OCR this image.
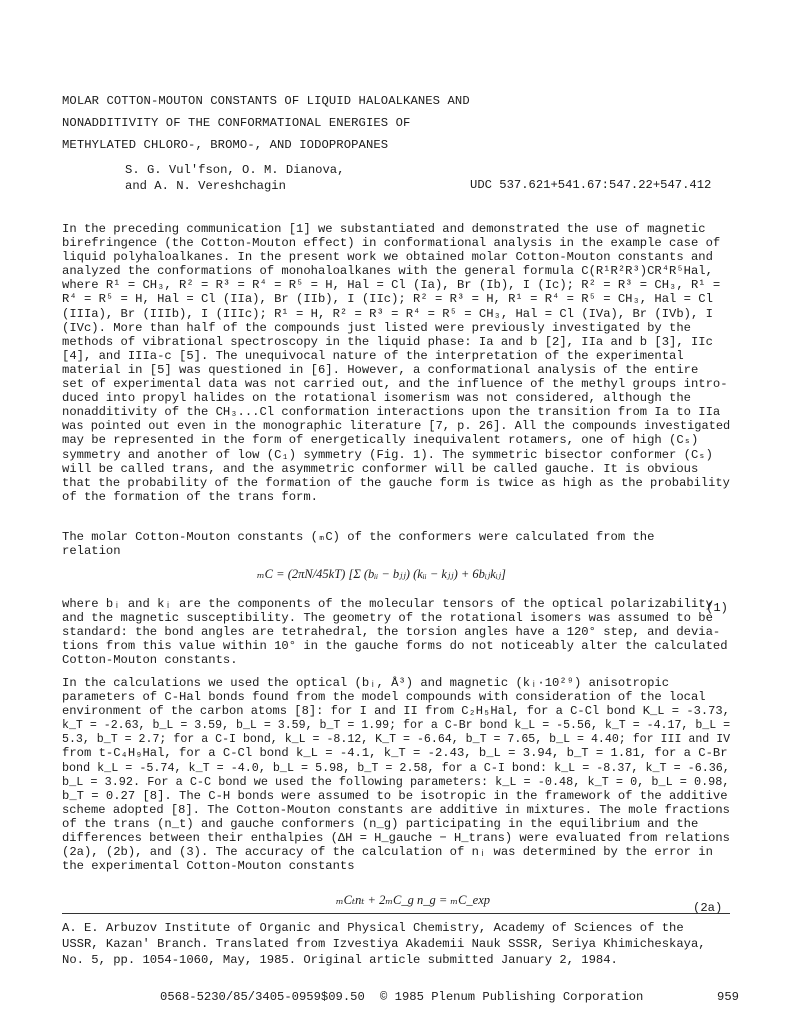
MOLAR COTTON-MOUTON CONSTANTS OF LIQUID HALOALKANES AND
NONADDITIVITY OF THE CONFORMATIONAL ENERGIES OF
METHYLATED CHLORO-, BROMO-, AND IODOPROPANES
S. G. Vul'fson, O. M. Dianova,
and A. N. Vereshchagin	UDC 537.621+541.67:547.22+547.412
In the preceding communication [1] we substantiated and demonstrated the use of magnetic
birefringence (the Cotton-Mouton effect) in conformational analysis in the example case of
liquid polyhaloalkanes. In the present work we obtained molar Cotton-Mouton constants and
analyzed the conformations of monohaloalkanes with the general formula C(R¹R²R³)CR⁴R⁵Hal,
where R¹ = CH₃, R² = R³ = R⁴ = R⁵ = H, Hal = Cl (Ia), Br (Ib), I (Ic); R² = R³ = CH₃, R¹ =
R⁴ = R⁵ = H, Hal = Cl (IIa), Br (IIb), I (IIc); R² = R³ = H, R¹ = R⁴ = R⁵ = CH₃, Hal = Cl
(IIIa), Br (IIIb), I (IIIc); R¹ = H, R² = R³ = R⁴ = R⁵ = CH₃, Hal = Cl (IVa), Br (IVb), I
(IVc). More than half of the compounds just listed were previously investigated by the
methods of vibrational spectroscopy in the liquid phase: Ia and b [2], IIa and b [3], IIc
[4], and IIIa-c [5]. The unequivocal nature of the interpretation of the experimental
material in [5] was questioned in [6]. However, a conformational analysis of the entire
set of experimental data was not carried out, and the influence of the methyl groups intro-
duced into propyl halides on the rotational isomerism was not considered, although the
nonadditivity of the CH₃...Cl conformation interactions upon the transition from Ia to IIa
was pointed out even in the monographic literature [7, p. 26]. All the compounds investigated
may be represented in the form of energetically inequivalent rotamers, one of high (Cₛ)
symmetry and another of low (C₁) symmetry (Fig. 1). The symmetric bisector conformer (Cₛ)
will be called trans, and the asymmetric conformer will be called gauche. It is obvious
that the probability of the formation of the gauche form is twice as high as the probability
of the formation of the trans form.
The molar Cotton-Mouton constants (ₘC) of the conformers were calculated from the
relation
ₘC = (2πN/45kT) [Σ (bᵢᵢ − bⱼⱼ) (kᵢᵢ − kⱼⱼ) + 6bᵢⱼkᵢⱼ]
(1)
where bᵢ and kᵢ are the components of the molecular tensors of the optical polarizability
and the magnetic susceptibility. The geometry of the rotational isomers was assumed to be
standard: the bond angles are tetrahedral, the torsion angles have a 120° step, and devia-
tions from this value within 10° in the gauche forms do not noticeably alter the calculated
Cotton-Mouton constants.
In the calculations we used the optical (bᵢ, Å³) and magnetic (kᵢ·10²⁹) anisotropic
parameters of C-Hal bonds found from the model compounds with consideration of the local
environment of the carbon atoms [8]: for I and II from C₂H₅Hal, for a C-Cl bond K_L = -3.73,
k_T = -2.63, b_L = 3.59, b_L = 3.59, b_T = 1.99; for a C-Br bond k_L = -5.56, k_T = -4.17, b_L =
5.3, b_T = 2.7; for a C-I bond, k_L = -8.12, K_T = -6.64, b_T = 7.65, b_L = 4.40; for III and IV
from t-C₄H₉Hal, for a C-Cl bond k_L = -4.1, k_T = -2.43, b_L = 3.94, b_T = 1.81, for a C-Br
bond k_L = -5.74, k_T = -4.0, b_L = 5.98, b_T = 2.58, for a C-I bond: k_L = -8.37, k_T = -6.36,
b_L = 3.92. For a C-C bond we used the following parameters: k_L = -0.48, k_T = 0, b_L = 0.98,
b_T = 0.27 [8]. The C-H bonds were assumed to be isotropic in the framework of the additive
scheme adopted [8]. The Cotton-Mouton constants are additive in mixtures. The mole fractions
of the trans (n_t) and gauche conformers (n_g) participating in the equilibrium and the
differences between their enthalpies (ΔH = H_gauche − H_trans) were evaluated from relations
(2a), (2b), and (3). The accuracy of the calculation of nᵢ was determined by the error in
the experimental Cotton-Mouton constants
ₘCₜnₜ + 2ₘC_g n_g = ₘC_exp
(2a)
A. E. Arbuzov Institute of Organic and Physical Chemistry, Academy of Sciences of the
USSR, Kazan' Branch. Translated from Izvestiya Akademii Nauk SSSR, Seriya Khimicheskaya,
No. 5, pp. 1054-1060, May, 1985. Original article submitted January 2, 1984.
0568-5230/85/3405-0959$09.50 © 1985 Plenum Publishing Corporation	959
